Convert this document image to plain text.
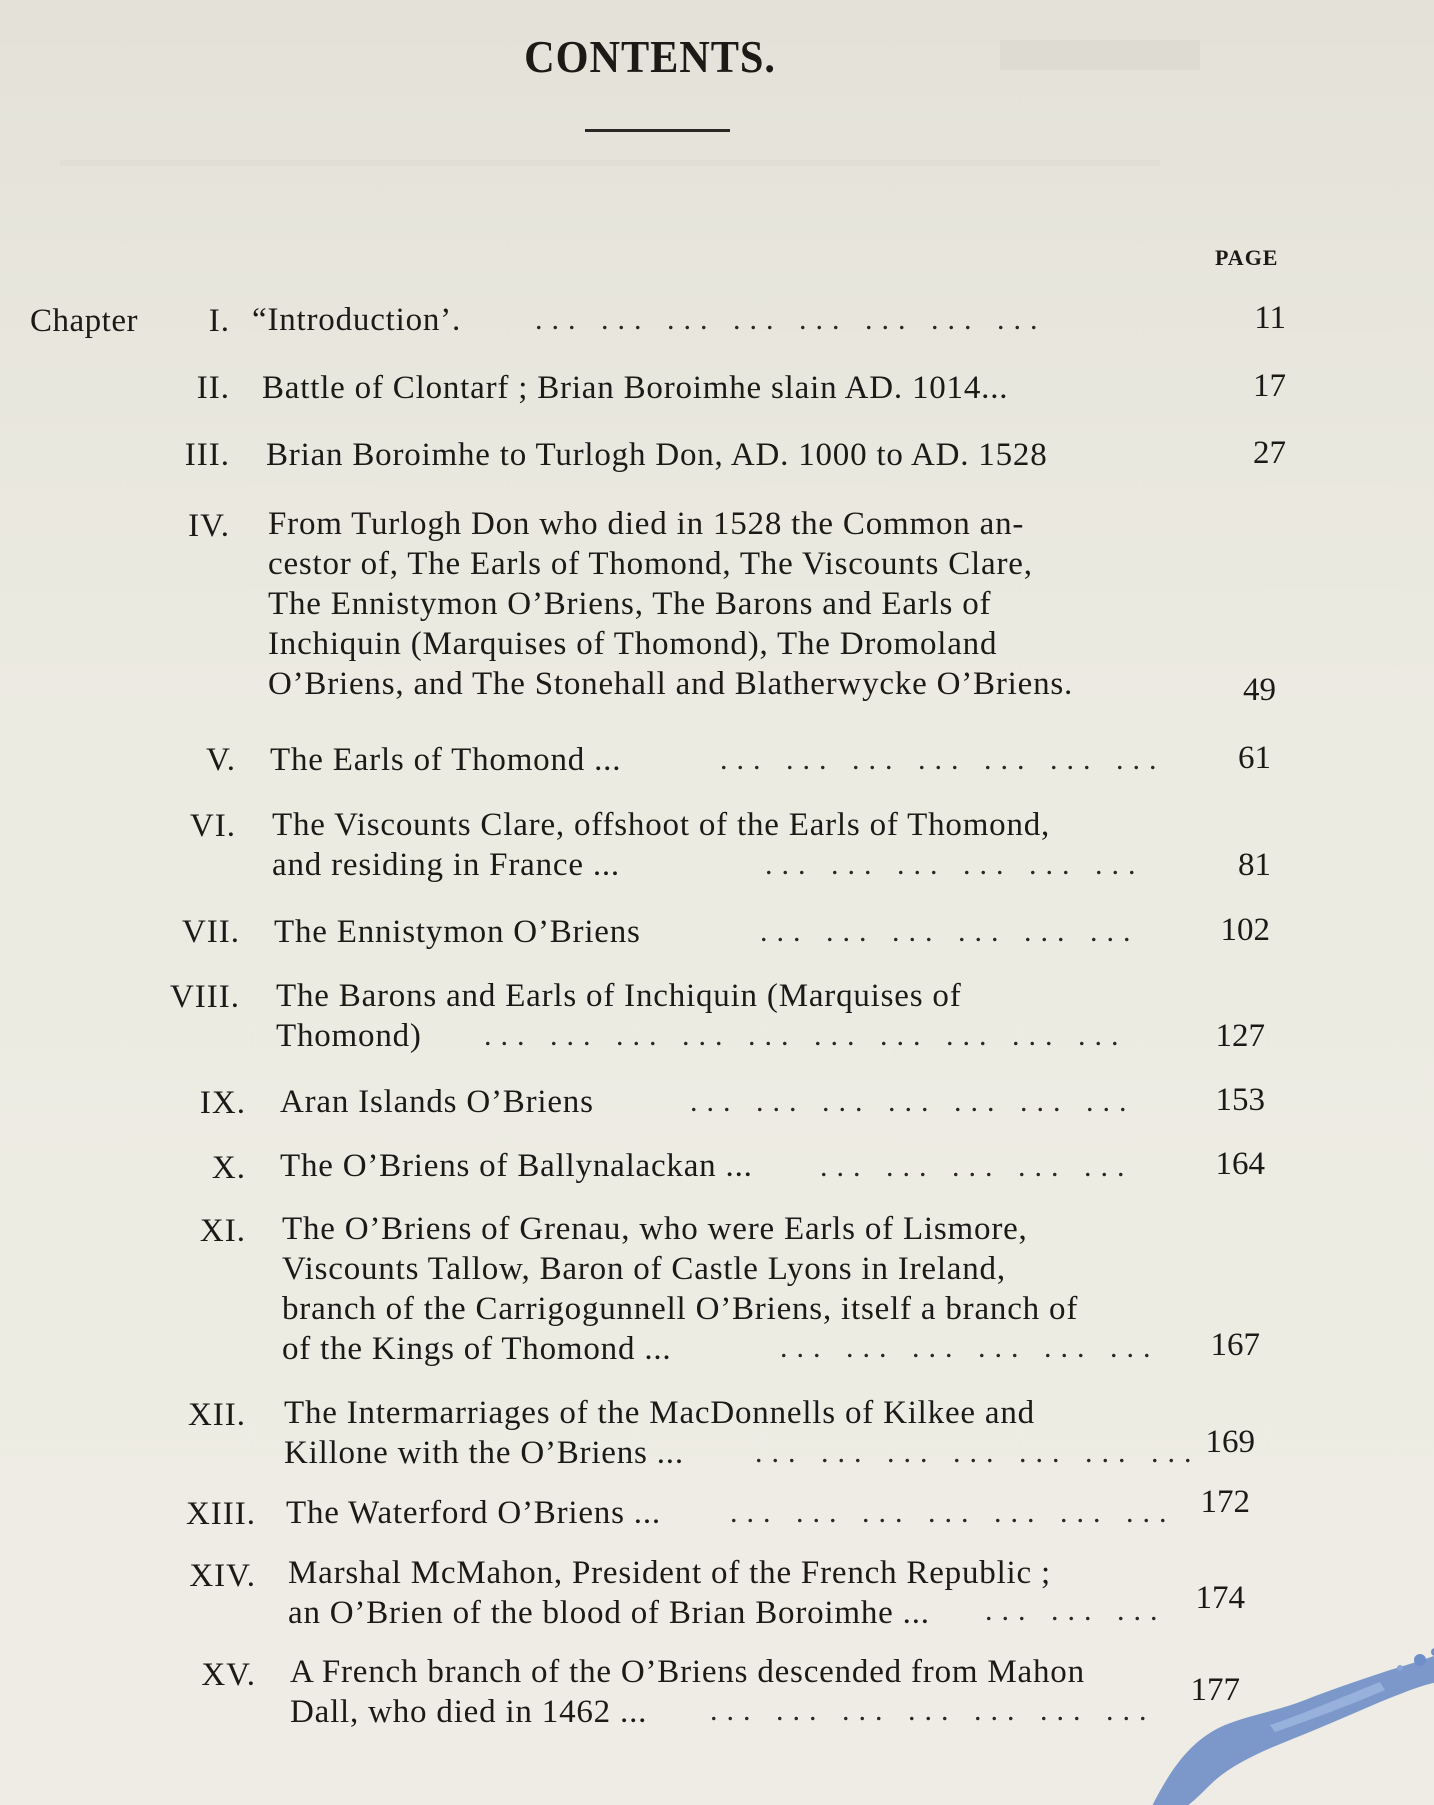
CONTENTS.
PAGE
Chapter	I. “Introduction’. ... ... ... ... ... ... ... ...	11
II. Battle of Clontarf ; Brian Boroimhe slain AD. 1014...	17
III. Brian Boroimhe to Turlogh Don, AD. 1000 to AD. 1528	27
IV. From Turlogh Don who died in 1528 the Common an-
cestor of, The Earls of Thomond, The Viscounts Clare,
The Ennistymon O’Briens, The Barons and Earls of
Inchiquin (Marquises of Thomond), The Dromoland
O’Briens, and The Stonehall and Blatherwycke O’Briens.	49
V. The Earls of Thomond ...	... ... ... ... ... ... ...	61
VI. The Viscounts Clare, offshoot of the Earls of Thomond,
and residing in France ...	... ... ... ... ... ...	81
VII. The Ennistymon O’Briens	... ... ... ... ... ...	102
VIII. The Barons and Earls of Inchiquin (Marquises of
Thomond)	... ... ... ... ... ... ... ... ... ...	127
IX. Aran Islands O’Briens	... ... ... ... ... ... ...	153
X. The O’Briens of Ballynalackan ... ... ... ... ... ...	164
XI. The O’Briens of Grenau, who were Earls of Lismore,
Viscounts Tallow, Baron of Castle Lyons in Ireland,
branch of the Carrigogunnell O’Briens, itself a branch of
of the Kings of Thomond ...	... ... ... ... ... ...	167
XII. The Intermarriages of the MacDonnells of Kilkee and
Killone with the O’Briens ...	... ... ... ... ... ... ... 169
XIII. The Waterford O’Briens ... ... ... ... ... ... ... ... 172
XIV. Marshal McMahon, President of the French Republic ;
an O’Brien of the blood of Brian Boroimhe ...	... ... ... 174
XV. A French branch of the O’Briens descended from Mahon
Dall, who died in 1462 ...	... ... ... ... ... ... ...
177
